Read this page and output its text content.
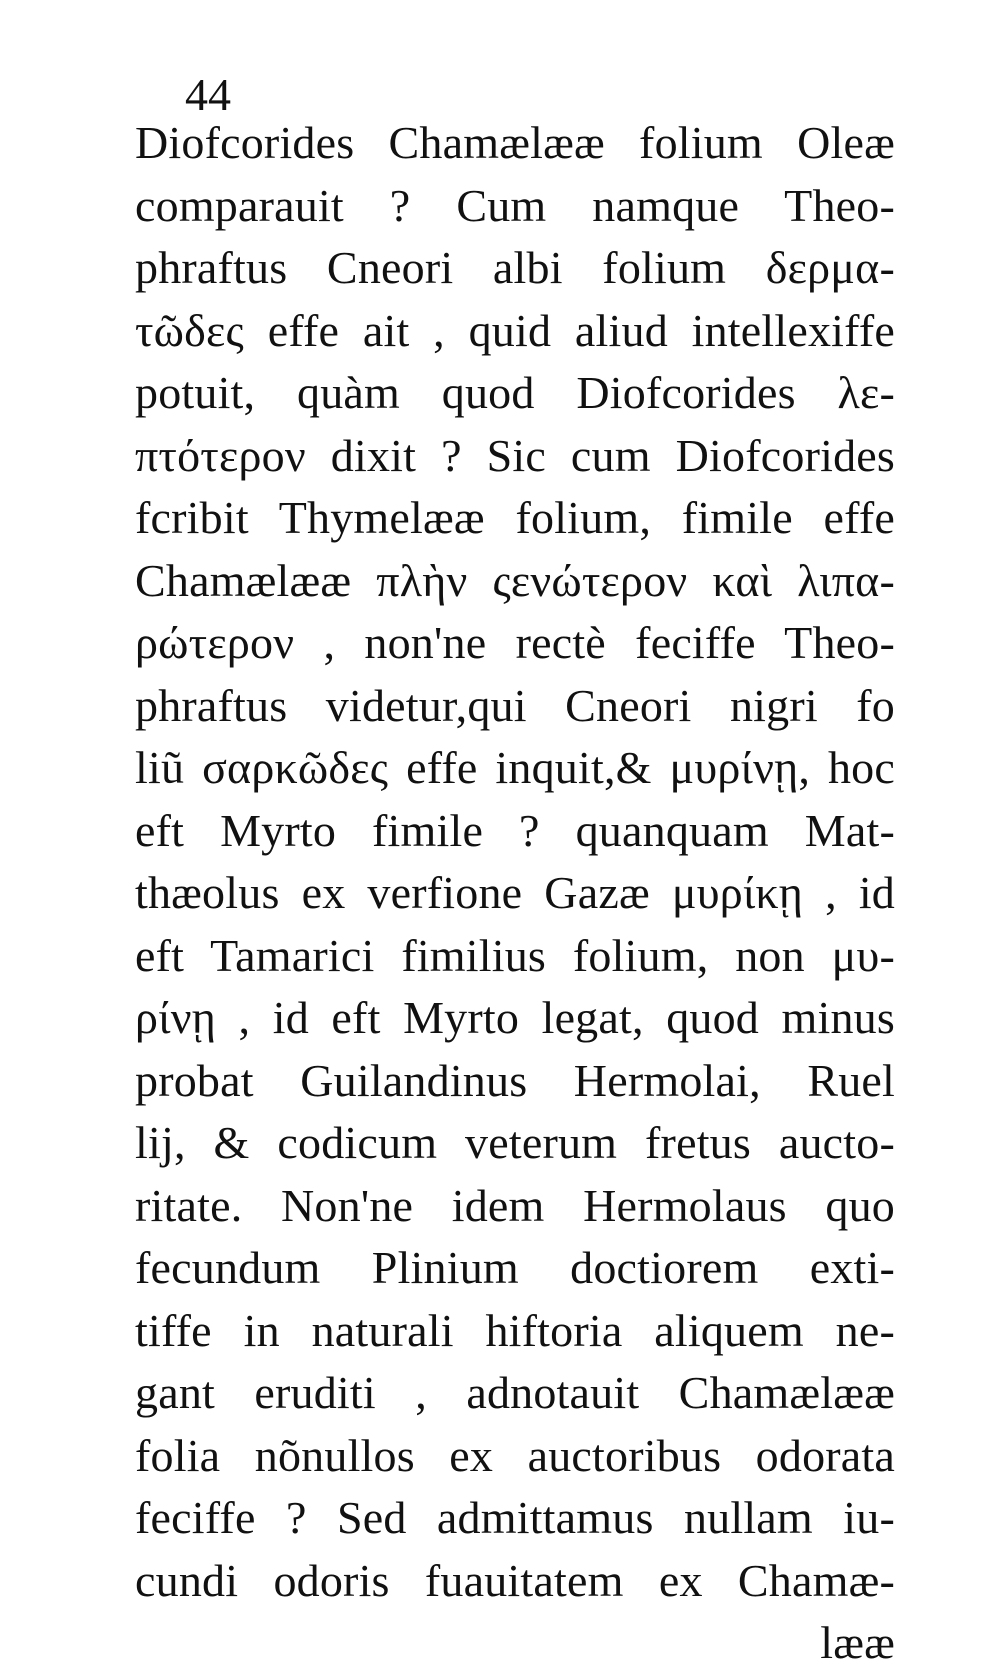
44
Diofcorides Chamælææ folium Oleæ
comparauit ? Cum namque Theo-
phraftus Cneori albi folium δερμα-
τῶδες effe ait , quid aliud intellexiffe
potuit, quàm quod Diofcorides λε-
πτότερον dixit ? Sic cum Diofcorides
fcribit Thymelææ folium, fimile effe
Chamælææ πλὴν ςενώτερον καὶ λιπα-
ρώτερον , non'ne rectè feciffe Theo-
phraftus videtur,qui Cneori nigri fo
liũ σαρκῶδες effe inquit,& μυρίνῃ, hoc
eft Myrto fimile ? quanquam Mat-
thæolus ex verfione Gazæ μυρίκῃ , id
eft Tamarici fimilius folium, non μυ-
ρίνῃ , id eft Myrto legat, quod minus
probat Guilandinus Hermolai, Ruel
lij, & codicum veterum fretus aucto-
ritate. Non'ne idem Hermolaus quo
fecundum Plinium doctiorem exti-
tiffe in naturali hiftoria aliquem ne-
gant eruditi , adnotauit Chamælææ
folia nõnullos ex auctoribus odorata
feciffe ? Sed admittamus nullam iu-
cundi odoris fuauitatem ex Chamæ-
lææ
